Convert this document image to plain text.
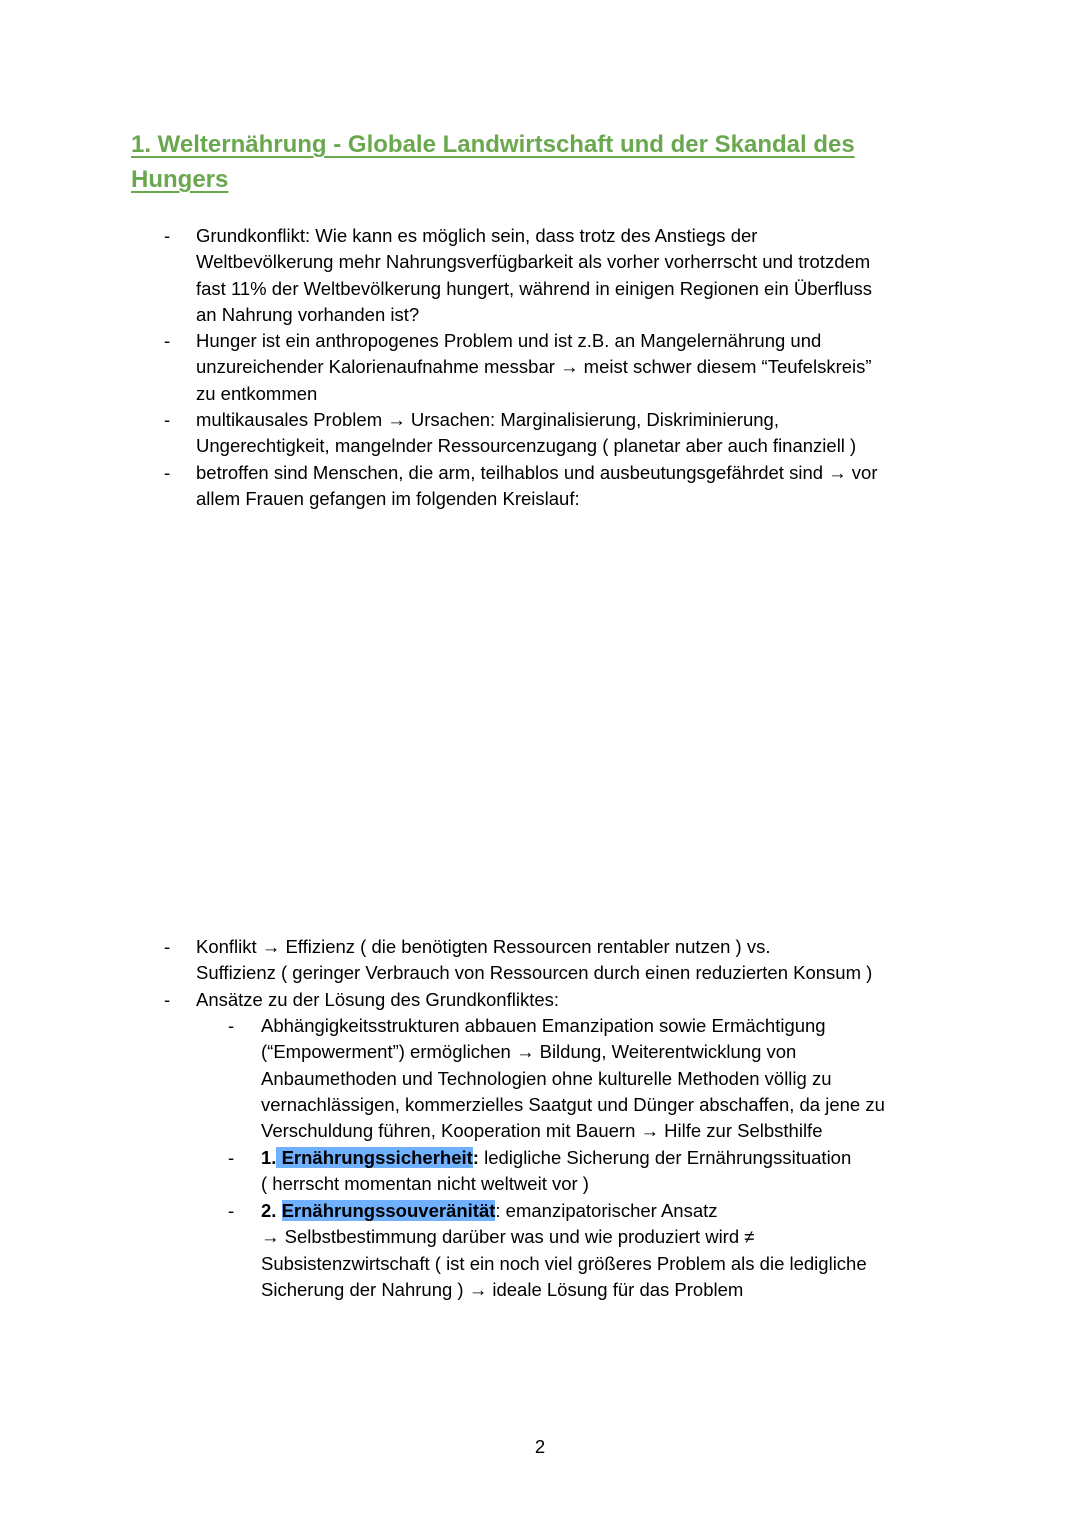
1. Welternährung - Globale Landwirtschaft und der Skandal des Hungers
- Grundkonflikt: Wie kann es möglich sein, dass trotz des Anstiegs der
Weltbevölkerung mehr Nahrungsverfügbarkeit als vorher vorherrscht und trotzdem
fast 11% der Weltbevölkerung hungert, während in einigen Regionen ein Überfluss
an Nahrung vorhanden ist?
- Hunger ist ein anthropogenes Problem und ist z.B. an Mangelernährung und
unzureichender Kalorienaufnahme messbar → meist schwer diesem “Teufelskreis”
zu entkommen
- multikausales Problem → Ursachen: Marginalisierung, Diskriminierung,
Ungerechtigkeit, mangelnder Ressourcenzugang ( planetar aber auch finanziell )
- betroffen sind Menschen, die arm, teilhablos und ausbeutungsgefährdet sind → vor
allem Frauen gefangen im folgenden Kreislauf:
- Konflikt → Effizienz ( die benötigten Ressourcen rentabler nutzen ) vs.
Suffizienz ( geringer Verbrauch von Ressourcen durch einen reduzierten Konsum )
- Ansätze zu der Lösung des Grundkonfliktes:
- Abhängigkeitsstrukturen abbauen Emanzipation sowie Ermächtigung
(“Empowerment”) ermöglichen → Bildung, Weiterentwicklung von
Anbaumethoden und Technologien ohne kulturelle Methoden völlig zu
vernachlässigen, kommerzielles Saatgut und Dünger abschaffen, da jene zu
Verschuldung führen, Kooperation mit Bauern → Hilfe zur Selbsthilfe
- 1. Ernährungssicherheit: ledigliche Sicherung der Ernährungssituation
( herrscht momentan nicht weltweit vor )
- 2. Ernährungssouveränität: emanzipatorischer Ansatz
→ Selbstbestimmung darüber was und wie produziert wird ≠
Subsistenzwirtschaft ( ist ein noch viel größeres Problem als die ledigliche
Sicherung der Nahrung ) → ideale Lösung für das Problem
2
